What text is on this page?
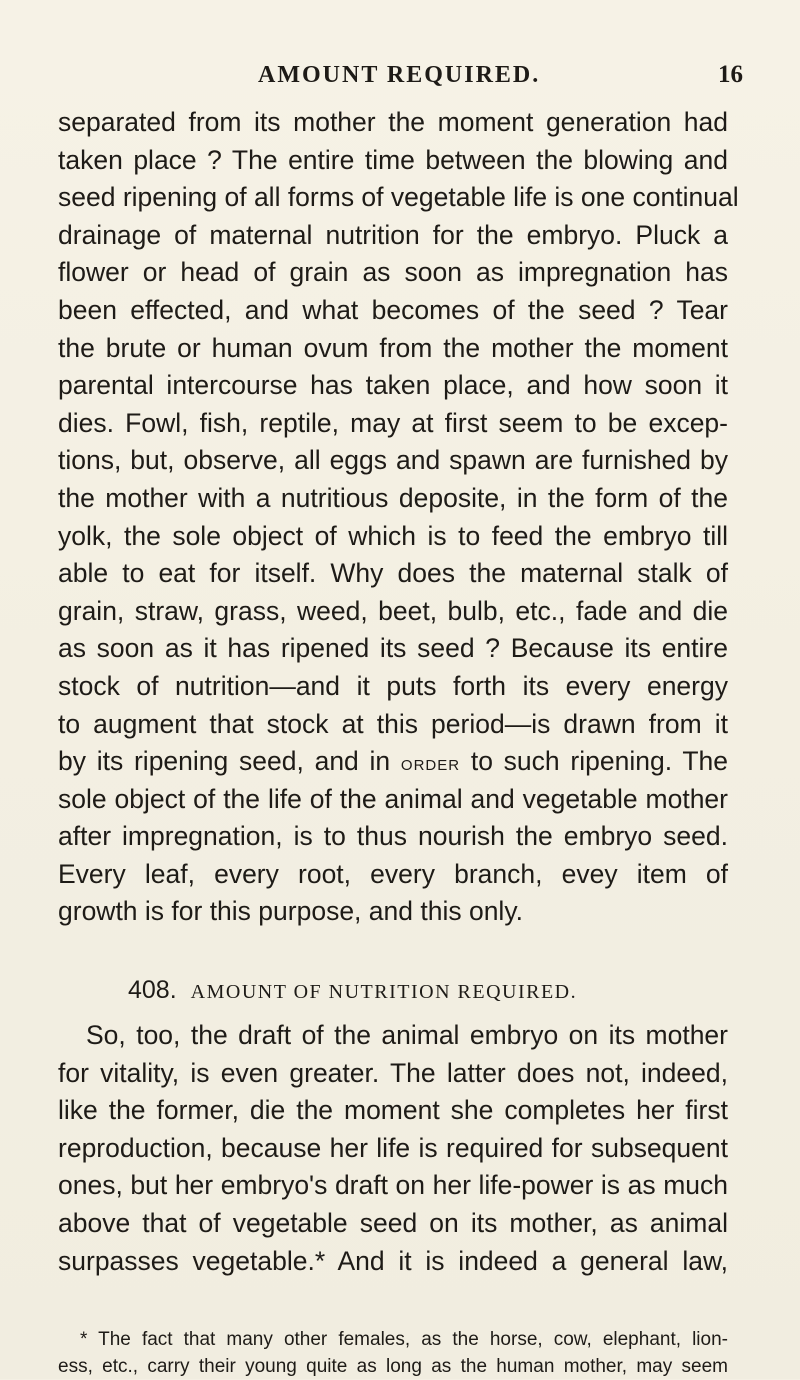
AMOUNT REQUIRED.	16
separated from its mother the moment generation had
taken place ? The entire time between the blowing and
seed ripening of all forms of vegetable life is one continual
drainage of maternal nutrition for the embryo. Pluck a
flower or head of grain as soon as impregnation has
been effected, and what becomes of the seed ? Tear
the brute or human ovum from the mother the moment
parental intercourse has taken place, and how soon it
dies. Fowl, fish, reptile, may at first seem to be excep-
tions, but, observe, all eggs and spawn are furnished by
the mother with a nutritious deposite, in the form of the
yolk, the sole object of which is to feed the embryo till
able to eat for itself. Why does the maternal stalk of
grain, straw, grass, weed, beet, bulb, etc., fade and die
as soon as it has ripened its seed ? Because its entire
stock of nutrition—and it puts forth its every energy
to augment that stock at this period—is drawn from it
by its ripening seed, and in order to such ripening. The
sole object of the life of the animal and vegetable mother
after impregnation, is to thus nourish the embryo seed.
Every leaf, every root, every branch, evey item of
growth is for this purpose, and this only.
408. AMOUNT OF NUTRITION REQUIRED.
So, too, the draft of the animal embryo on its mother
for vitality, is even greater. The latter does not, indeed,
like the former, die the moment she completes her first
reproduction, because her life is required for subsequent
ones, but her embryo's draft on her life-power is as much
above that of vegetable seed on its mother, as animal
surpasses vegetable.* And it is indeed a general law,
* The fact that many other females, as the horse, cow, elephant, lion-
ess, etc., carry their young quite as long as the human mother, may seem
